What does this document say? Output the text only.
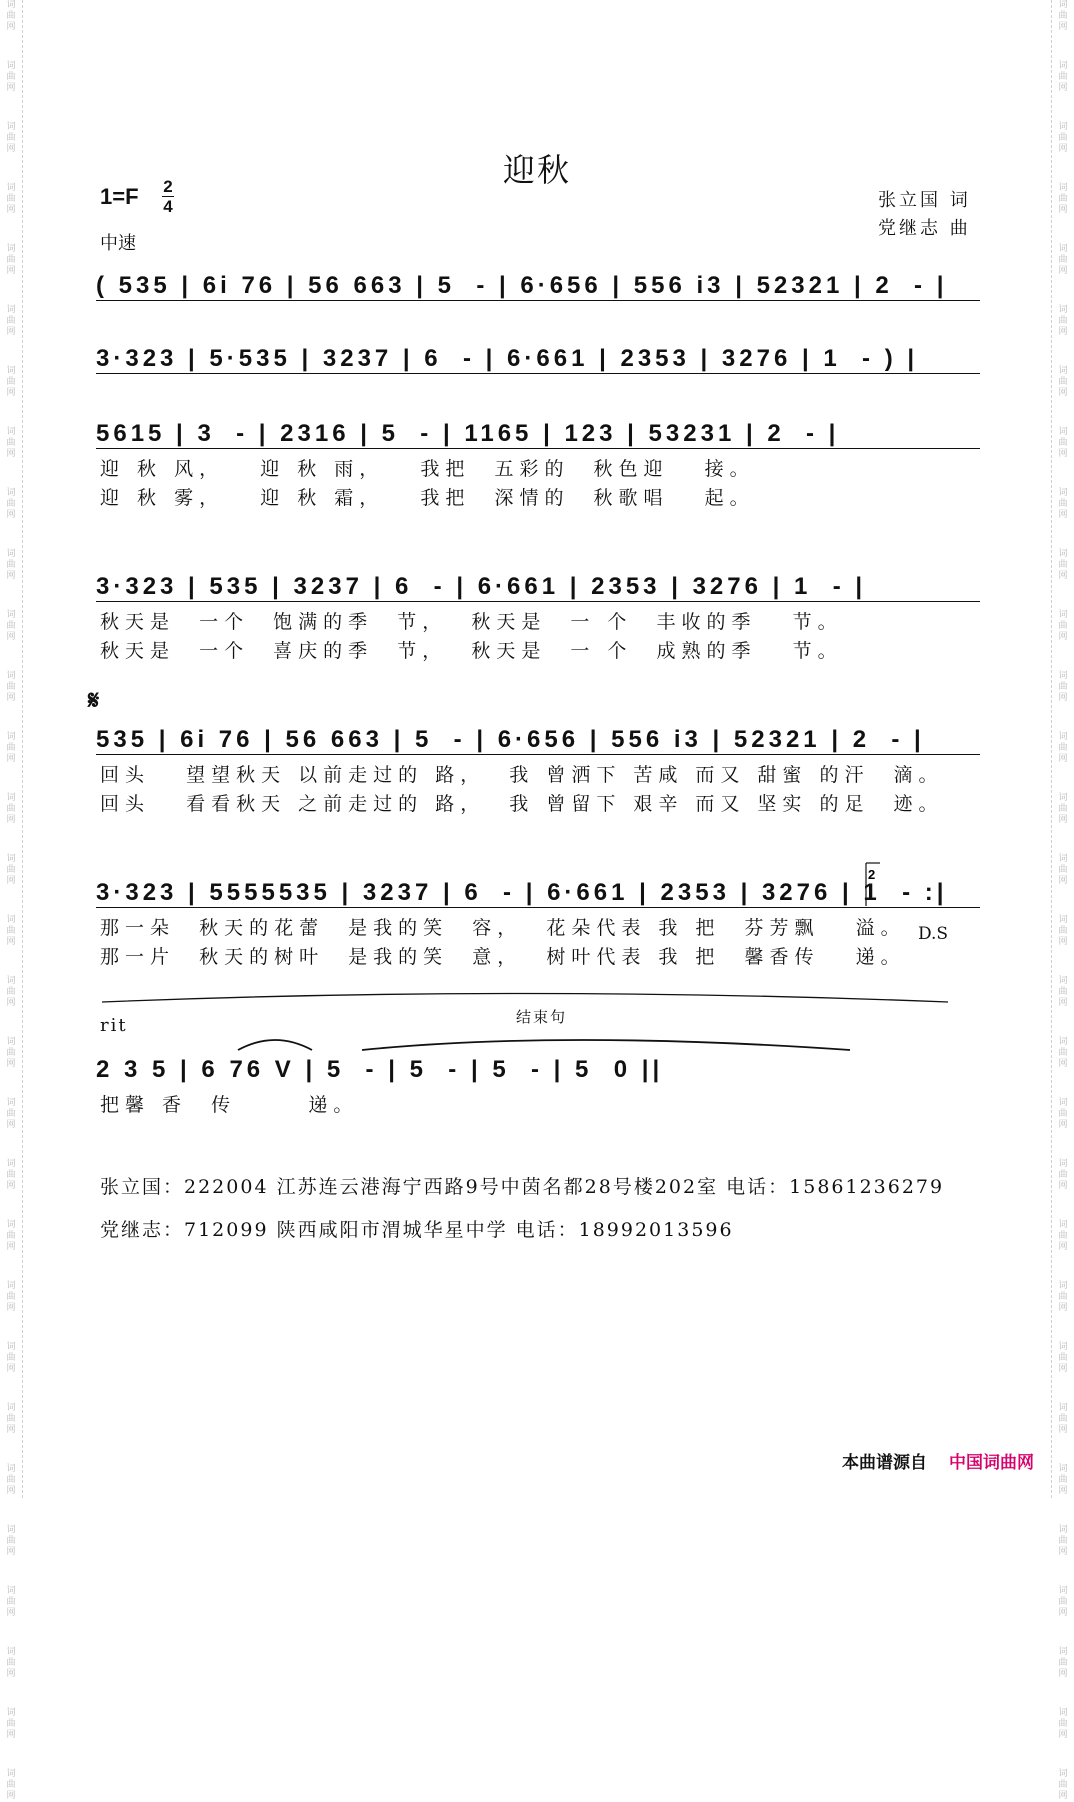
词曲网
词曲网
词曲网
词曲网
词曲网
词曲网
词曲网
词曲网
词曲网
词曲网
词曲网
词曲网
词曲网
词曲网
词曲网
词曲网
词曲网
词曲网
词曲网
词曲网
词曲网
词曲网
词曲网
词曲网
词曲网
词曲网
词曲网
词曲网
词曲网
词曲网
词曲网
词曲网
词曲网
词曲网
词曲网
词曲网
词曲网
词曲网
词曲网
词曲网
词曲网
词曲网
词曲网
词曲网
词曲网
词曲网
词曲网
词曲网
词曲网
词曲网
词曲网
词曲网
词曲网
词曲网
词曲网
词曲网
词曲网
词曲网
词曲网
词曲网
迎秋
1=F 2
4
中速
张立国 词
党继志 曲
( 535 | 6i 76 | 56 663 | 5  - | 6·656 | 556 i3 | 52321 | 2  - |
3·323 | 5·535 | 3237 | 6  - | 6·661 | 2353 | 3276 | 1  - ) |
5615 | 3  - | 2316 | 5  - | 1165 | 123 | 53231 | 2  - |
迎 秋 风，   迎 秋 雨，   我把  五彩的  秋色迎   接。
迎 秋 雾，   迎 秋 霜，   我把  深情的  秋歌唱   起。
3·323 | 535 | 3237 | 6  - | 6·661 | 2353 | 3276 | 1  - |
秋天是  一个  饱满的季  节，  秋天是  一 个  丰收的季   节。
秋天是  一个  喜庆的季  节，  秋天是  一 个  成熟的季   节。
𝄋
535 | 6i 76 | 56 663 | 5  - | 6·656 | 556 i3 | 52321 | 2  - |
回头   望望秋天 以前走过的 路，  我 曾洒下 苦咸 而又 甜蜜 的汗  滴。
回头   看看秋天 之前走过的 路，  我 曾留下 艰辛 而又 坚实 的足  迹。
3·323 | 5555535 | 3237 | 6  - | 6·661 | 2353 | 3276 | 1  - :|
那一朵  秋天的花蕾  是我的笑  容，  花朵代表 我 把  芬芳飘   溢。
那一片  秋天的树叶  是我的笑  意，  树叶代表 我 把  馨香传   递。
D.S
rit	结束句
2 3 5 | 6 76 V | 5  - | 5  - | 5  - | 5  0 ||
把馨 香  传      递。
2
张立国：222004 江苏连云港海宁西路9号中茵名都28号楼202室 电话：15861236279
党继志：712099 陕西咸阳市渭城华星中学 电话：18992013596
本曲谱源自 中国词曲网
